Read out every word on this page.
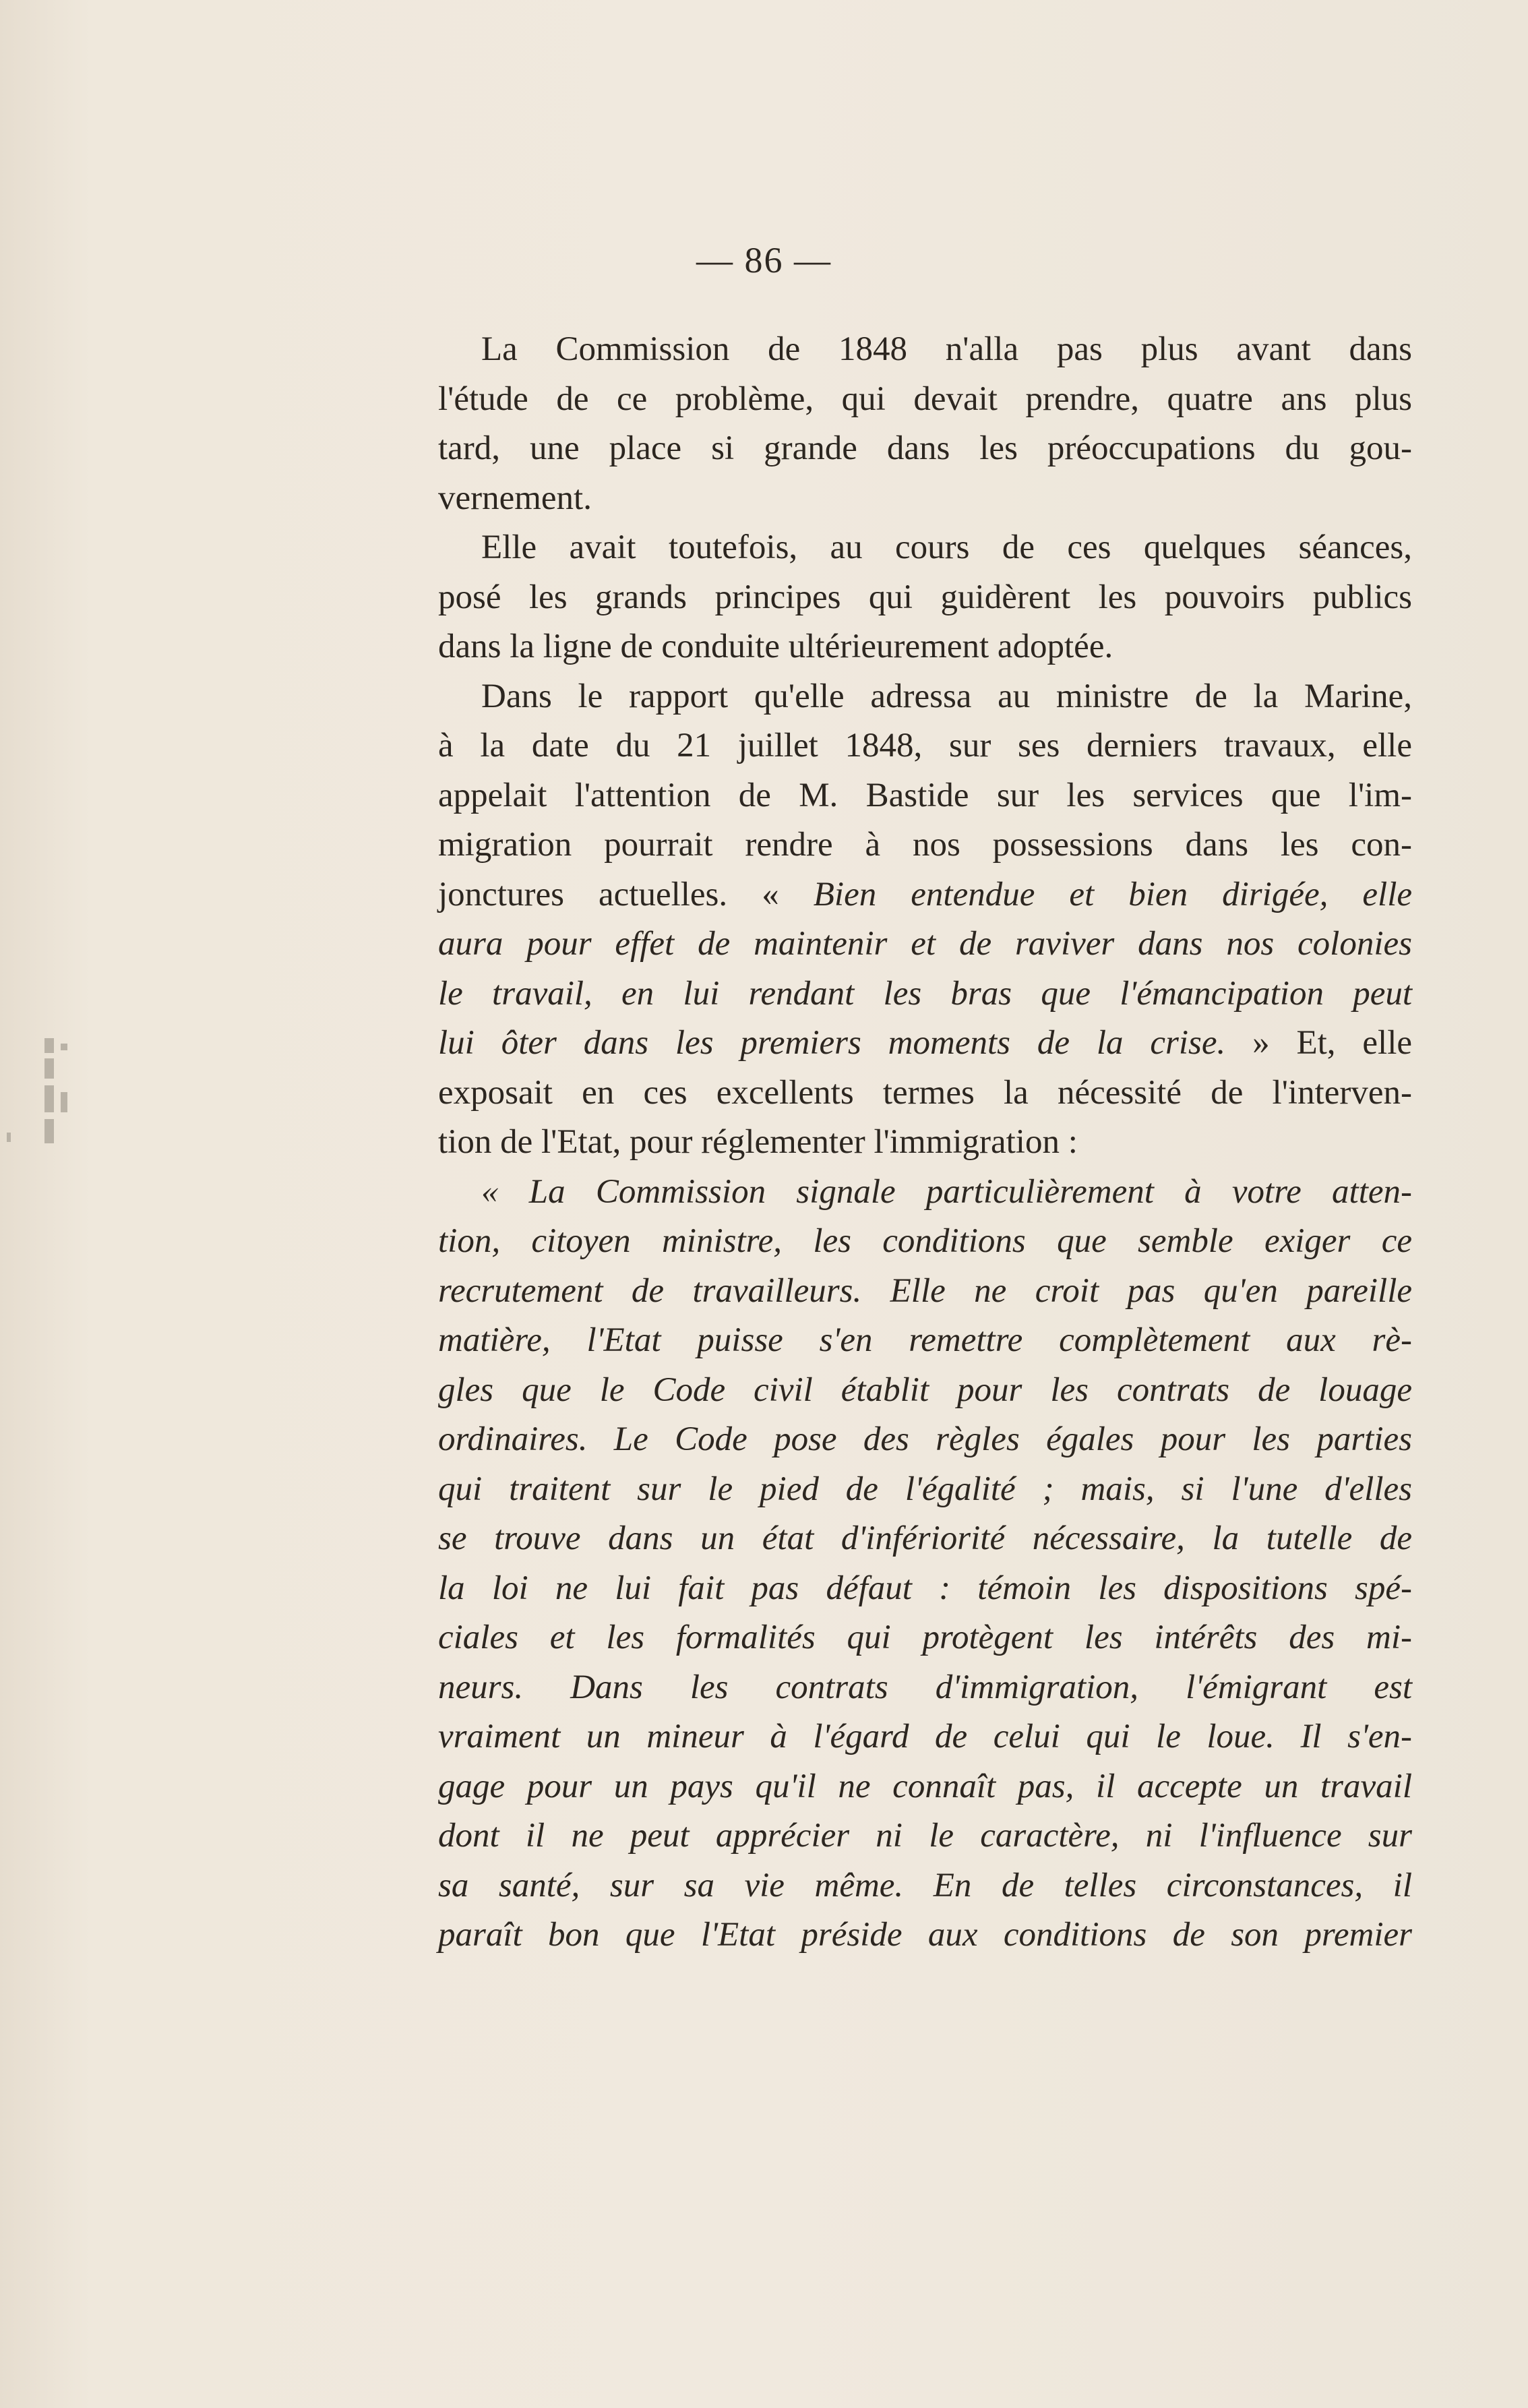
— 86 —

La Commission de 1848 n'alla pas plus avant dans
l'étude de ce problème, qui devait prendre, quatre ans plus
tard, une place si grande dans les préoccupations du gou-
vernement.

Elle avait toutefois, au cours de ces quelques séances,
posé les grands principes qui guidèrent les pouvoirs publics
dans la ligne de conduite ultérieurement adoptée.

Dans le rapport qu'elle adressa au ministre de la Marine,
à la date du 21 juillet 1848, sur ses derniers travaux, elle
appelait l'attention de M. Bastide sur les services que l'im-
migration pourrait rendre à nos possessions dans les con-
jonctures actuelles. « Bien entendue et bien dirigée, elle
aura pour effet de maintenir et de raviver dans nos colonies
le travail, en lui rendant les bras que l'émancipation peut
lui ôter dans les premiers moments de la crise. » Et, elle
exposait en ces excellents termes la nécessité de l'interven-
tion de l'Etat, pour réglementer l'immigration :

« La Commission signale particulièrement à votre atten-
tion, citoyen ministre, les conditions que semble exiger ce
recrutement de travailleurs. Elle ne croit pas qu'en pareille
matière, l'Etat puisse s'en remettre complètement aux rè-
gles que le Code civil établit pour les contrats de louage
ordinaires. Le Code pose des règles égales pour les parties
qui traitent sur le pied de l'égalité ; mais, si l'une d'elles
se trouve dans un état d'infériorité nécessaire, la tutelle de
la loi ne lui fait pas défaut : témoin les dispositions spé-
ciales et les formalités qui protègent les intérêts des mi-
neurs. Dans les contrats d'immigration, l'émigrant est
vraiment un mineur à l'égard de celui qui le loue. Il s'en-
gage pour un pays qu'il ne connaît pas, il accepte un travail
dont il ne peut apprécier ni le caractère, ni l'influence sur
sa santé, sur sa vie même. En de telles circonstances, il
paraît bon que l'Etat préside aux conditions de son premier
